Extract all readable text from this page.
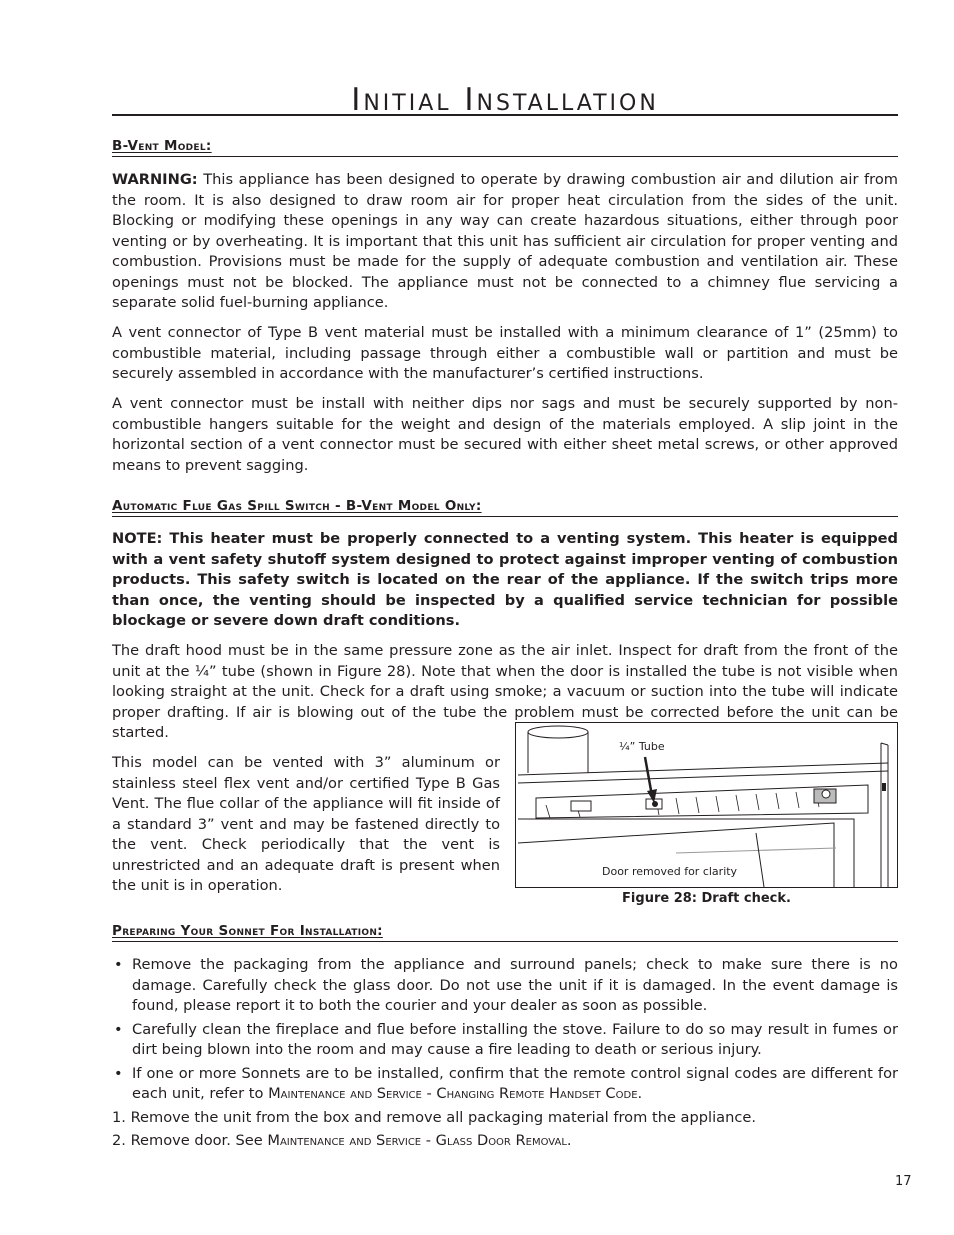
Initial Installation
B-Vent Model:

WARNING: This appliance has been designed to operate by drawing combustion air and dilution air from the room. It is also designed to draw room air for proper heat circulation from the sides of the unit. Blocking or modifying these openings in any way can create hazardous situations, either through poor venting or by overheating. It is important that this unit has sufficient air circulation for proper venting and combustion. Provisions must be made for the supply of adequate combustion and ventilation air. These openings must not be blocked. The appliance must not be connected to a chimney flue servicing a separate solid fuel-burning appliance.

A vent connector of Type B vent material must be installed with a minimum clearance of 1” (25mm) to combustible material, including passage through either a combustible wall or partition and must be securely assembled in accordance with the manufacturer’s certified instructions.

A vent connector must be install with neither dips nor sags and must be securely supported by non-combustible hangers suitable for the weight and design of the materials employed. A slip joint in the horizontal section of a vent connector must be secured with either sheet metal screws, or other approved means to prevent sagging.

Automatic Flue Gas Spill Switch - B-Vent Model Only:

NOTE: This heater must be properly connected to a venting system. This heater is equipped with a vent safety shutoff system designed to protect against improper venting of combustion products. This safety switch is located on the rear of the appliance. If the switch trips more than once, the venting should be inspected by a qualified service technician for possible blockage or severe down draft conditions.

The draft hood must be in the same pressure zone as the air inlet. Inspect for draft from the front of the unit at the ¼” tube (shown in Figure 28). Note that when the door is installed the tube is not visible when looking straight at the unit. Check for a draft using smoke; a vacuum or suction into the tube will indicate proper drafting. If air is blowing out of the tube the problem must be corrected before the unit can be started.

This model can be vented with 3” aluminum or stainless steel flex vent and/or certified Type B Gas Vent. The flue collar of the appliance will fit inside of a standard 3” vent and may be fastened directly to the vent. Check periodically that the vent is unrestricted and an adequate draft is present when the unit is in operation.

¼” Tube
Door removed for clarity
Figure 28: Draft check.
Preparing Your Sonnet For Installation:
• Remove the packaging from the appliance and surround panels; check to make sure there is no damage. Carefully check the glass door. Do not use the unit if it is damaged. In the event damage is found, please report it to both the courier and your dealer as soon as possible.
• Carefully clean the fireplace and flue before installing the stove. Failure to do so may result in fumes or dirt being blown into the room and may cause a fire leading to death or serious injury.
• If one or more Sonnets are to be installed, confirm that the remote control signal codes are different for each unit, refer to Maintenance and Service - Changing Remote Handset Code.

1. Remove the unit from the box and remove all packaging material from the appliance.

2. Remove door. See Maintenance and Service - Glass Door Removal.

17
